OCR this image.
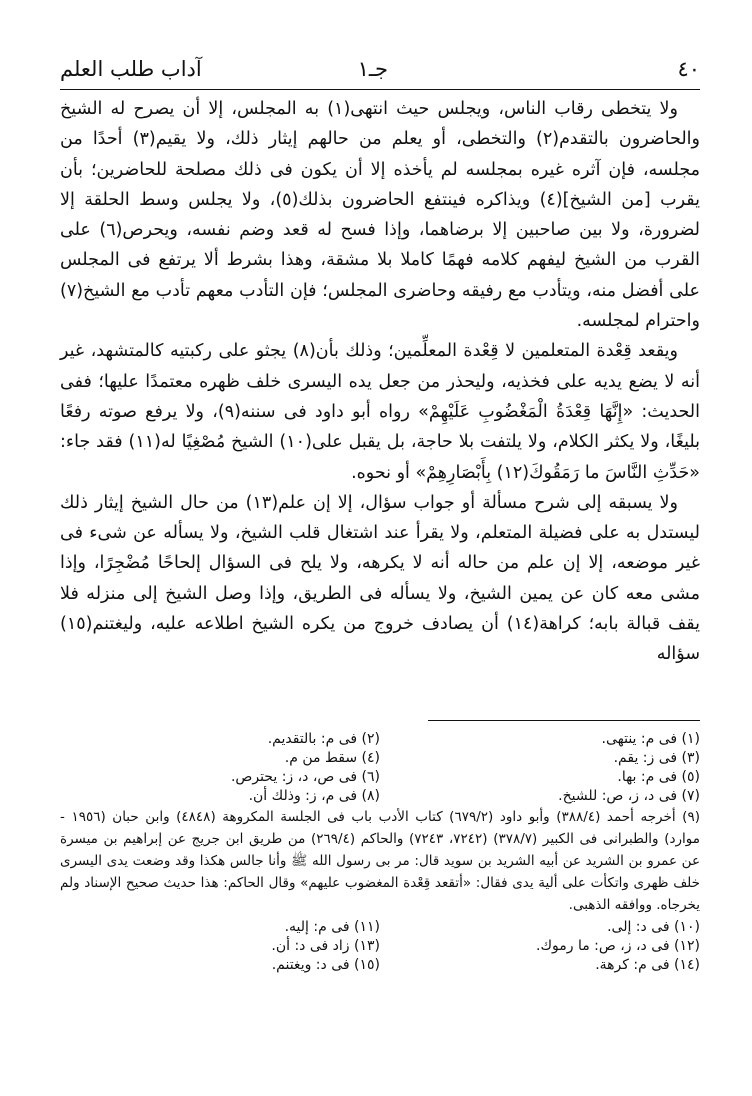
٤٠
جـ١
آداب طلب العلم

ولا يتخطى رقاب الناس، ويجلس حيث انتهى(١) به المجلس، إلا أن يصرح له الشيخ والحاضرون بالتقدم(٢) والتخطى، أو يعلم من حالهم إيثار ذلك، ولا يقيم(٣) أحدًا من مجلسه، فإن آثره غيره بمجلسه لم يأخذه إلا أن يكون فى ذلك مصلحة للحاضرين؛ بأن يقرب [من الشيخ](٤) ويذاكره فينتفع الحاضرون بذلك(٥)، ولا يجلس وسط الحلقة إلا لضرورة، ولا بين صاحبين إلا برضاهما، وإذا فسح له قعد وضم نفسه، ويحرص(٦) على القرب من الشيخ ليفهم كلامه فهمًا كاملا بلا مشقة، وهذا بشرط ألا يرتفع فى المجلس على أفضل منه، ويتأدب مع رفيقه وحاضرى المجلس؛ فإن التأدب معهم تأدب مع الشيخ(٧) واحترام لمجلسه.

ويقعد قِعْدة المتعلمين لا قِعْدة المعلِّمين؛ وذلك بأن(٨) يجثو على ركبتيه كالمتشهد، غير أنه لا يضع يديه على فخذيه، وليحذر من جعل يده اليسرى خلف ظهره معتمدًا عليها؛ ففى الحديث: «إِنَّهَا قِعْدَةُ الْمَغْضُوبِ عَلَيْهِمْ» رواه أبو داود فى سننه(٩)، ولا يرفع صوته رفعًا بليغًا، ولا يكثر الكلام، ولا يلتفت بلا حاجة، بل يقبل على(١٠) الشيخ مُصْغِيًا له(١١) فقد جاء: «حَدِّثِ النَّاسَ ما رَمَقُوكَ(١٢) بِأَبْصَارِهِمْ» أو نحوه.

ولا يسبقه إلى شرح مسألة أو جواب سؤال، إلا إن علم(١٣) من حال الشيخ إيثار ذلك ليستدل به على فضيلة المتعلم، ولا يقرأ عند اشتغال قلب الشيخ، ولا يسأله عن شىء فى غير موضعه، إلا إن علم من حاله أنه لا يكرهه، ولا يلح فى السؤال إلحاحًا مُضْجِرًا، وإذا مشى معه كان عن يمين الشيخ، ولا يسأله فى الطريق، وإذا وصل الشيخ إلى منزله فلا يقف قبالة بابه؛ كراهة(١٤) أن يصادف خروج من يكره الشيخ اطلاعه عليه، وليغتنم(١٥) سؤاله

(١) فى م: ينتهى.
(٢) فى م: بالتقديم.
(٣) فى ز: يقم.
(٤) سقط من م.
(٥) فى م: بها.
(٦) فى ص، د، ز: يحترص.
(٧) فى د، ز، ص: للشيخ.
(٨) فى م، ز: وذلك أن.
(٩) أخرجه أحمد (٣٨٨/٤) وأبو داود (٦٧٩/٢) كتاب الأدب باب فى الجلسة المكروهة (٤٨٤٨) وابن حبان (١٩٥٦ - موارد) والطبرانى فى الكبير (٣٧٨/٧) (٧٢٤٢، ٧٢٤٣) والحاكم (٢٦٩/٤) من طريق ابن جريج عن إبراهيم بن ميسرة عن عمرو بن الشريد عن أبيه الشريد بن سويد قال: مر بى رسول الله ﷺ وأنا جالس هكذا وقد وضعت يدى اليسرى خلف ظهرى واتكأت على ألية يدى فقال: «أتقعد قِعْدة المغضوب عليهم» وقال الحاكم: هذا حديث صحيح الإسناد ولم يخرجاه. ووافقه الذهبى.
(١٠) فى د: إلى.
(١١) فى م: إليه.
(١٢) فى د، ز، ص: ما رموك.
(١٣) زاد فى د: أن.
(١٤) فى م: كرهة.
(١٥) فى د: ويغتنم.
